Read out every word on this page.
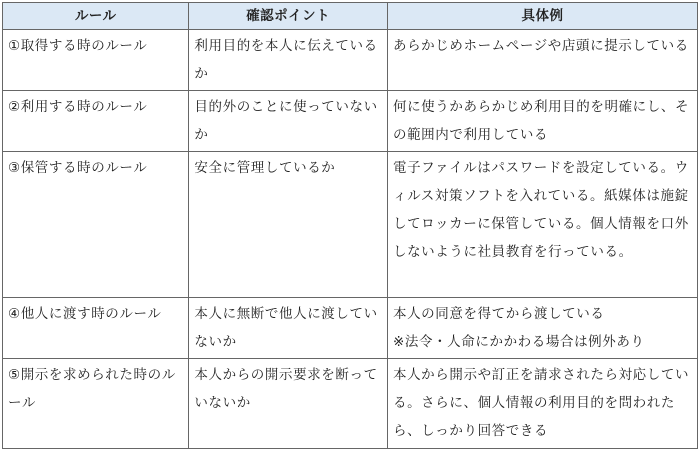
ルール	確認ポイント	具体例
①取得する時のルール	利用目的を本人に伝えているか	あらかじめホームページや店頭に提示している
②利用する時のルール	目的外のことに使っていないか	何に使うかあらかじめ利用目的を明確にし、その範囲内で利用している
③保管する時のルール	安全に管理しているか	電子ファイルはパスワードを設定している。ウィルス対策ソフトを入れている。紙媒体は施錠してロッカーに保管している。個人情報を口外しないように社員教育を行っている。
④他人に渡す時のルール	本人に無断で他人に渡していないか	本人の同意を得てから渡している
※法令・人命にかかわる場合は例外あり

⑤開示を求められた時のルール	本人からの開示要求を断っていないか	本人から開示や訂正を請求されたら対応している。さらに、個人情報の利用目的を問われたら、しっかり回答できる
